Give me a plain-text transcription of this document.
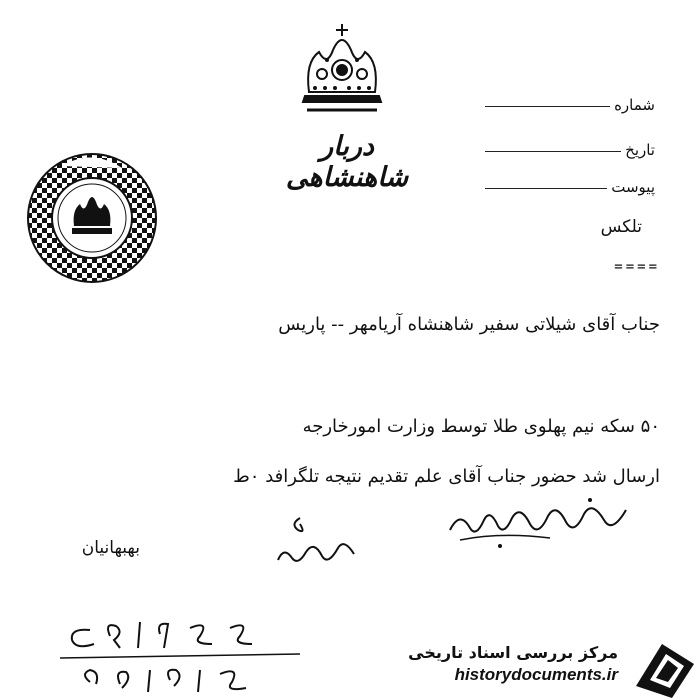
دربار شاهنشاهی
شماره
تاریخ
پیوست
تلکس
====
جناب آقای شیلاتی سفیر شاهنشاه آریامهر -- پاریس
۵۰ سکه نیم پهلوی طلا توسط وزارت امورخارجه
ارسال شد حضور جناب آقای علم تقدیم نتیجه تلگرافد ۰ط
بهبهانیان
مرکز بررسی اسناد تاریخی
historydocuments.ir
